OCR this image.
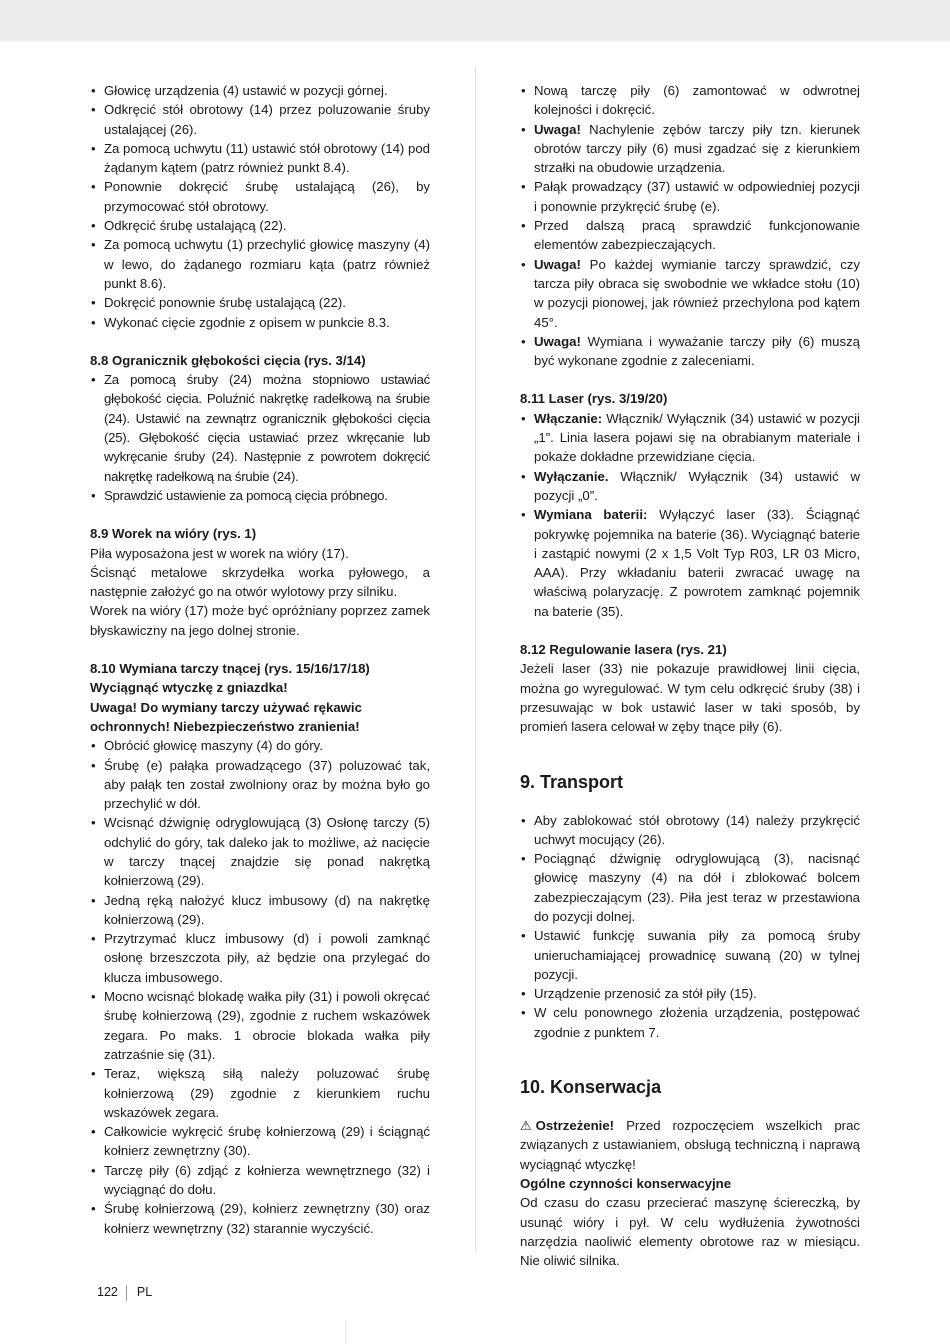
• Głowicę urządzenia (4) ustawić w pozycji górnej.
• Odkręcić stół obrotowy (14) przez poluzowanie śruby ustalającej (26).
• Za pomocą uchwytu (11) ustawić stół obrotowy (14) pod żądanym kątem (patrz również punkt 8.4).
• Ponownie dokręcić śrubę ustalającą (26), by przymocować stół obrotowy.
• Odkręcić śrubę ustalającą (22).
• Za pomocą uchwytu (1) przechylić głowicę maszyny (4) w lewo, do żądanego rozmiaru kąta (patrz również punkt 8.6).
• Dokręcić ponownie śrubę ustalającą (22).
• Wykonać cięcie zgodnie z opisem w punkcie 8.3.

8.8 Ogranicznik głębokości cięcia (rys. 3/14)

• Za pomocą śruby (24) można stopniowo ustawiać głębokość cięcia. Poluźnić nakrętkę radełkową na śrubie (24). Ustawić na zewnątrz ogranicznik głębokości cięcia (25). Głębokość cięcia ustawiać przez wkręcanie lub wykręcanie śruby (24). Następnie z powrotem dokręcić nakrętkę radełkową na śrubie (24).
• Sprawdzić ustawienie za pomocą cięcia próbnego.

8.9 Worek na wióry (rys. 1)

Piła wyposażona jest w worek na wióry (17).

Ścisnąć metalowe skrzydełka worka pyłowego, a następnie założyć go na otwór wylotowy przy silniku.

Worek na wióry (17) może być opróżniany poprzez zamek błyskawiczny na jego dolnej stronie.

8.10 Wymiana tarczy tnącej (rys. 15/16/17/18)

Wyciągnąć wtyczkę z gniazdka!

Uwaga! Do wymiany tarczy używać rękawic ochronnych! Niebezpieczeństwo zranienia!

• Obrócić głowicę maszyny (4) do góry.
• Śrubę (e) pałąka prowadzącego (37) poluzować tak, aby pałąk ten został zwolniony oraz by można było go przechylić w dół.
• Wcisnąć dźwignię odryglowującą (3) Osłonę tarczy (5) odchylić do góry, tak daleko jak to możliwe, aż nacięcie w tarczy tnącej znajdzie się ponad nakrętką kołnierzową (29).
• Jedną ręką nałożyć klucz imbusowy (d) na nakrętkę kołnierzową (29).
• Przytrzymać klucz imbusowy (d) i powoli zamknąć osłonę brzeszczota piły, aż będzie ona przylegać do klucza imbusowego.
• Mocno wcisnąć blokadę wałka piły (31) i powoli okręcać śrubę kołnierzową (29), zgodnie z ruchem wskazówek zegara. Po maks. 1 obrocie blokada wałka piły zatrzaśnie się (31).
• Teraz, większą siłą należy poluzować śrubę kołnierzową (29) zgodnie z kierunkiem ruchu wskazówek zegara.
• Całkowicie wykręcić śrubę kołnierzową (29) i ściągnąć kołnierz zewnętrzny (30).
• Tarczę piły (6) zdjąć z kołnierza wewnętrznego (32) i wyciągnąć do dołu.
• Śrubę kołnierzową (29), kołnierz zewnętrzny (30) oraz kołnierz wewnętrzny (32) starannie wyczyścić.
• Nową tarczę piły (6) zamontować w odwrotnej kolejności i dokręcić.
• Uwaga! Nachylenie zębów tarczy piły tzn. kierunek obrotów tarczy piły (6) musi zgadzać się z kierunkiem strzałki na obudowie urządzenia.
• Pałąk prowadzący (37) ustawić w odpowiedniej pozycji i ponownie przykręcić śrubę (e).
• Przed dalszą pracą sprawdzić funkcjonowanie elementów zabezpieczających.
• Uwaga! Po każdej wymianie tarczy sprawdzić, czy tarcza piły obraca się swobodnie we wkładce stołu (10) w pozycji pionowej, jak również przechylona pod kątem 45°.
• Uwaga! Wymiana i wyważanie tarczy piły (6) muszą być wykonane zgodnie z zaleceniami.

8.11 Laser (rys. 3/19/20)

• Włączanie: Włącznik/ Wyłącznik (34) ustawić w pozycji „1”. Linia lasera pojawi się na obrabianym materiale i pokaże dokładne przewidziane cięcia.
• Wyłączanie. Włącznik/ Wyłącznik (34) ustawić w pozycji „0”.
• Wymiana baterii: Wyłączyć laser (33). Ściągnąć pokrywkę pojemnika na baterie (36). Wyciągnąć baterie i zastąpić nowymi (2 x 1,5 Volt Typ R03, LR 03 Micro, AAA). Przy wkładaniu baterii zwracać uwagę na właściwą polaryzację. Z powrotem zamknąć pojemnik na baterie (35).

8.12 Regulowanie lasera (rys. 21)

Jeżeli laser (33) nie pokazuje prawidłowej linii cięcia, można go wyregulować. W tym celu odkręcić śruby (38) i przesuwając w bok ustawić laser w taki sposób, by promień lasera celował w zęby tnące piły (6).

9. Transport

• Aby zablokować stół obrotowy (14) należy przykręcić uchwyt mocujący (26).
• Pociągnąć dźwignię odryglowującą (3), nacisnąć głowicę maszyny (4) na dół i zblokować bolcem zabezpieczającym (23). Piła jest teraz w przestawiona do pozycji dolnej.
• Ustawić funkcję suwania piły za pomocą śruby unieruchamiającej prowadnicę suwaną (20) w tylnej pozycji.
• Urządzenie przenosić za stół piły (15).
• W celu ponownego złożenia urządzenia, postępować zgodnie z punktem 7.

10. Konserwacja

⚠ Ostrzeżenie! Przed rozpoczęciem wszelkich prac związanych z ustawianiem, obsługą techniczną i naprawą wyciągnąć wtyczkę!

Ogólne czynności konserwacyjne

Od czasu do czasu przecierać maszynę ściereczką, by usunąć wióry i pył. W celu wydłużenia żywotności narzędzia naoliwić elementy obrotowe raz w miesiącu. Nie oliwić silnika.

122 PL
